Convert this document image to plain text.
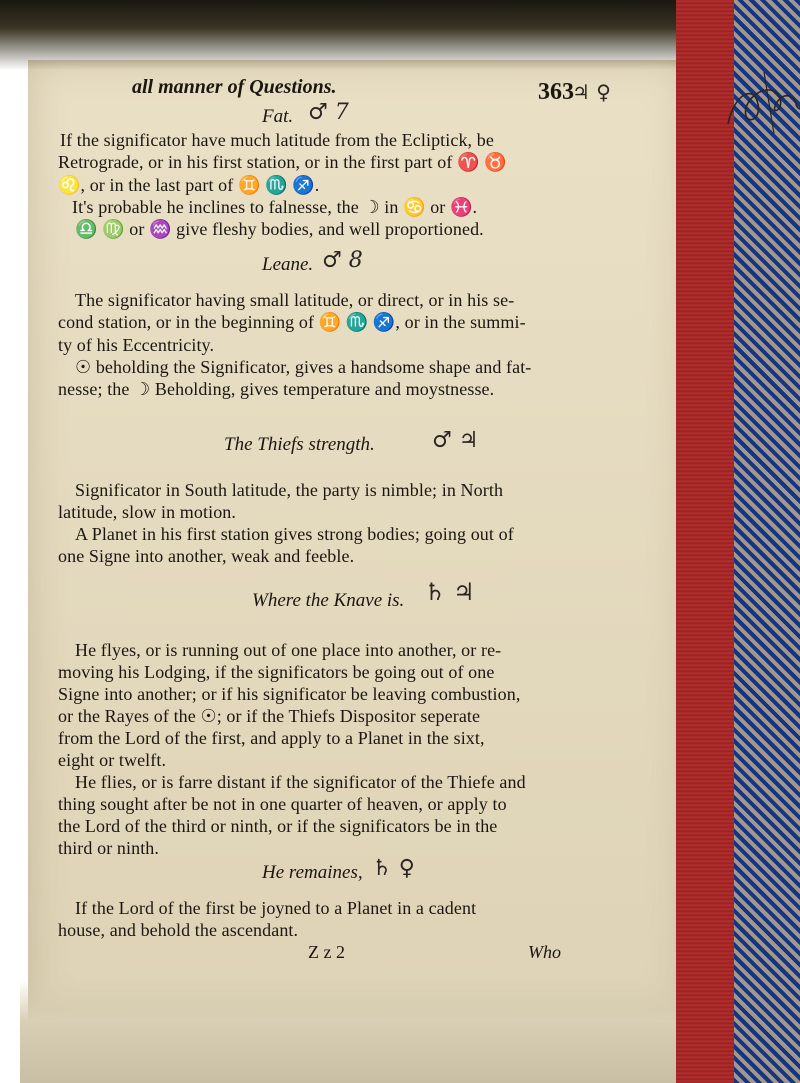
all manner of Questions.	363
Fat. ♂ 7
If the significator have much latitude from the Ecliptick, be
Retrograde, or in his first station, or in the first part of ♈ ♉
♌, or in the last part of ♊ ♏ ♐.
It's probable he inclines to falnesse, the ☽ in ♋ or ♓.
♎ ♍ or ♒ give fleshy bodies, and well proportioned.
Leane. ♂ 8
The significator having small latitude, or direct, or in his se-
cond station, or in the beginning of ♊ ♏ ♐, or in the summi-
ty of his Eccentricity.
☉ beholding the Significator, gives a handsome shape and fat-
nesse; the ☽ Beholding, gives temperature and moystnesse.
The Thiefs strength.	♂ ♃
Significator in South latitude, the party is nimble; in North
latitude, slow in motion.
A Planet in his first station gives strong bodies; going out of
one Signe into another, weak and feeble.
Where the Knave is. ♄ ♃
He flyes, or is running out of one place into another, or re-
moving his Lodging, if the significators be going out of one
Signe into another; or if his significator be leaving combustion,
or the Rayes of the ☉; or if the Thiefs Dispositor seperate
from the Lord of the first, and apply to a Planet in the sixt,
eight or twelft.
He flies, or is farre distant if the significator of the Thiefe and
thing sought after be not in one quarter of heaven, or apply to
the Lord of the third or ninth, or if the significators be in the
third or ninth.
He remaines, ♄ ♀
If the Lord of the first be joyned to a Planet in a cadent
house, and behold the ascendant.
Z z 2	Who
♃ ♀
